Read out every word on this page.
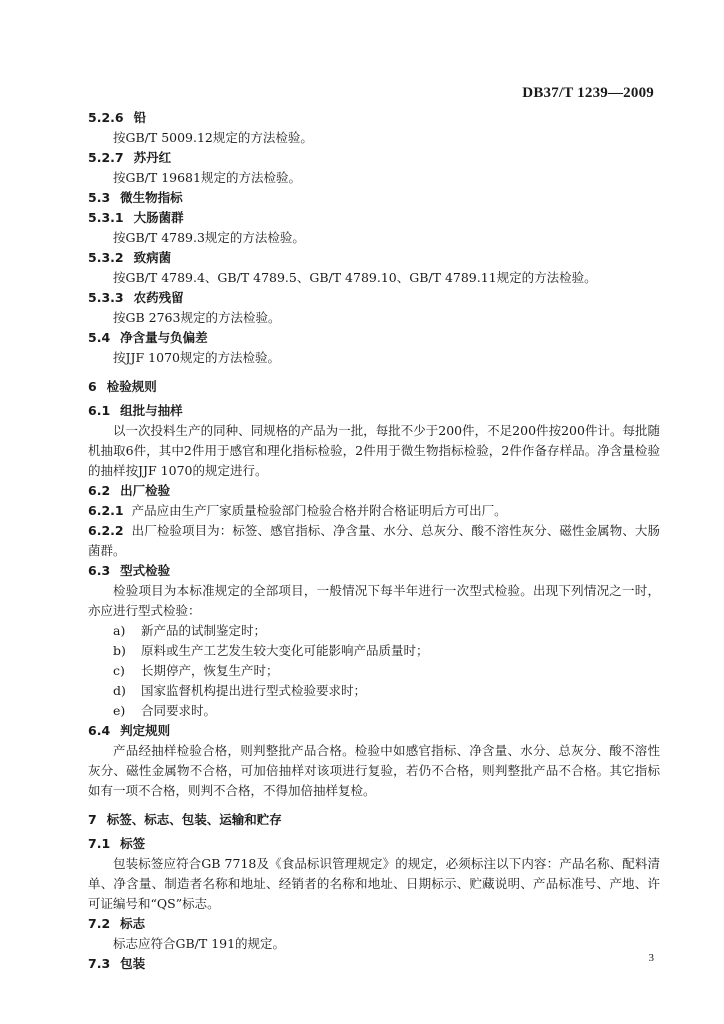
DB37/T 1239—2009
5.2.6 铅

按GB/T 5009.12规定的方法检验。

5.2.7 苏丹红

按GB/T 19681规定的方法检验。

5.3 微生物指标
5.3.1 大肠菌群

按GB/T 4789.3规定的方法检验。

5.3.2 致病菌

按GB/T 4789.4、GB/T 4789.5、GB/T 4789.10、GB/T 4789.11规定的方法检验。

5.3.3 农药残留

按GB 2763规定的方法检验。

5.4 净含量与负偏差

按JJF 1070规定的方法检验。

6 检验规则
6.1 组批与抽样

以一次投料生产的同种、同规格的产品为一批，每批不少于200件，不足200件按200件计。每批随机抽取6件，其中2件用于感官和理化指标检验，2件用于微生物指标检验，2件作备存样品。净含量检验的抽样按JJF 1070的规定进行。

6.2 出厂检验

6.2.1 产品应由生产厂家质量检验部门检验合格并附合格证明后方可出厂。

6.2.2 出厂检验项目为：标签、感官指标、净含量、水分、总灰分、酸不溶性灰分、磁性金属物、大肠菌群。

6.3 型式检验

检验项目为本标准规定的全部项目，一般情况下每半年进行一次型式检验。出现下列情况之一时，亦应进行型式检验：

a) 新产品的试制鉴定时；
b) 原料或生产工艺发生较大变化可能影响产品质量时；
c) 长期停产，恢复生产时；
d) 国家监督机构提出进行型式检验要求时；
e) 合同要求时。
6.4 判定规则

产品经抽样检验合格，则判整批产品合格。检验中如感官指标、净含量、水分、总灰分、酸不溶性灰分、磁性金属物不合格，可加倍抽样对该项进行复验，若仍不合格，则判整批产品不合格。其它指标如有一项不合格，则判不合格，不得加倍抽样复检。

7 标签、标志、包装、运输和贮存
7.1 标签

包装标签应符合GB 7718及《食品标识管理规定》的规定，必须标注以下内容：产品名称、配料清单、净含量、制造者名称和地址、经销者的名称和地址、日期标示、贮藏说明、产品标准号、产地、许可证编号和“QS”标志。

7.2 标志

标志应符合GB/T 191的规定。

7.3 包装	3
